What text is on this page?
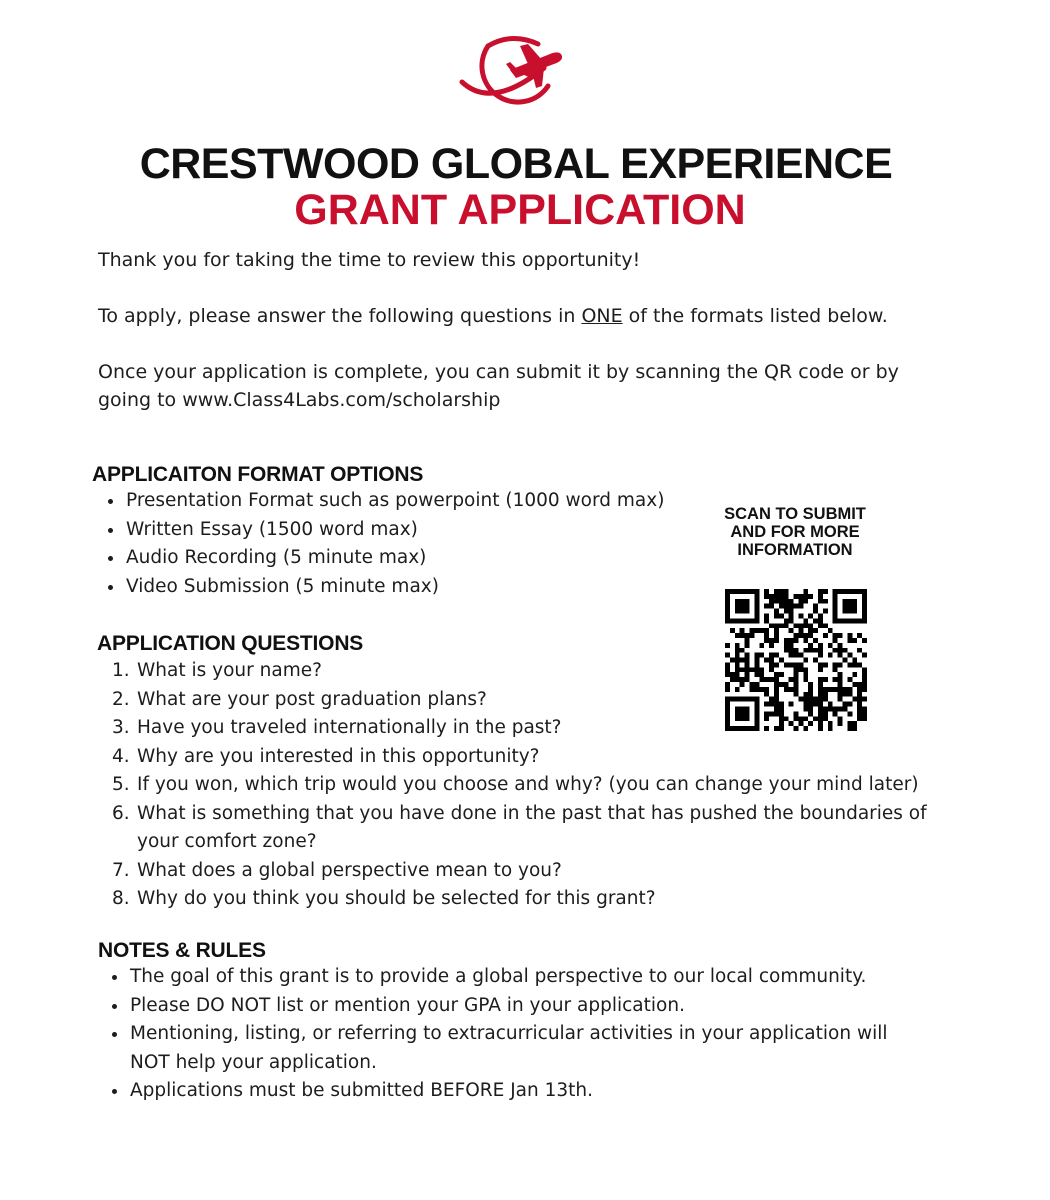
CRESTWOOD GLOBAL EXPERIENCE
GRANT APPLICATION
Thank you for taking the time to review this opportunity!
To apply, please answer the following questions in ONE of the formats listed below.
Once your application is complete, you can submit it by scanning the QR code or by going to www.Class4Labs.com/scholarship
APPLICAITON FORMAT OPTIONS
Presentation Format such as powerpoint (1000 word max)
Written Essay (1500 word max)
Audio Recording (5 minute max)
Video Submission (5 minute max)
SCAN TO SUBMIT
AND FOR MORE
INFORMATION
APPLICATION QUESTIONS
1. What is your name?
2. What are your post graduation plans?
3. Have you traveled internationally in the past?
4. Why are you interested in this opportunity?
5. If you won, which trip would you choose and why? (you can change your mind later)
6. What is something that you have done in the past that has pushed the boundaries of your comfort zone?
7. What does a global perspective mean to you?
8. Why do you think you should be selected for this grant?
NOTES & RULES
The goal of this grant is to provide a global perspective to our local community.
Please DO NOT list or mention your GPA in your application.
Mentioning, listing, or referring to extracurricular activities in your application will NOT help your application.
Applications must be submitted BEFORE Jan 13th.
